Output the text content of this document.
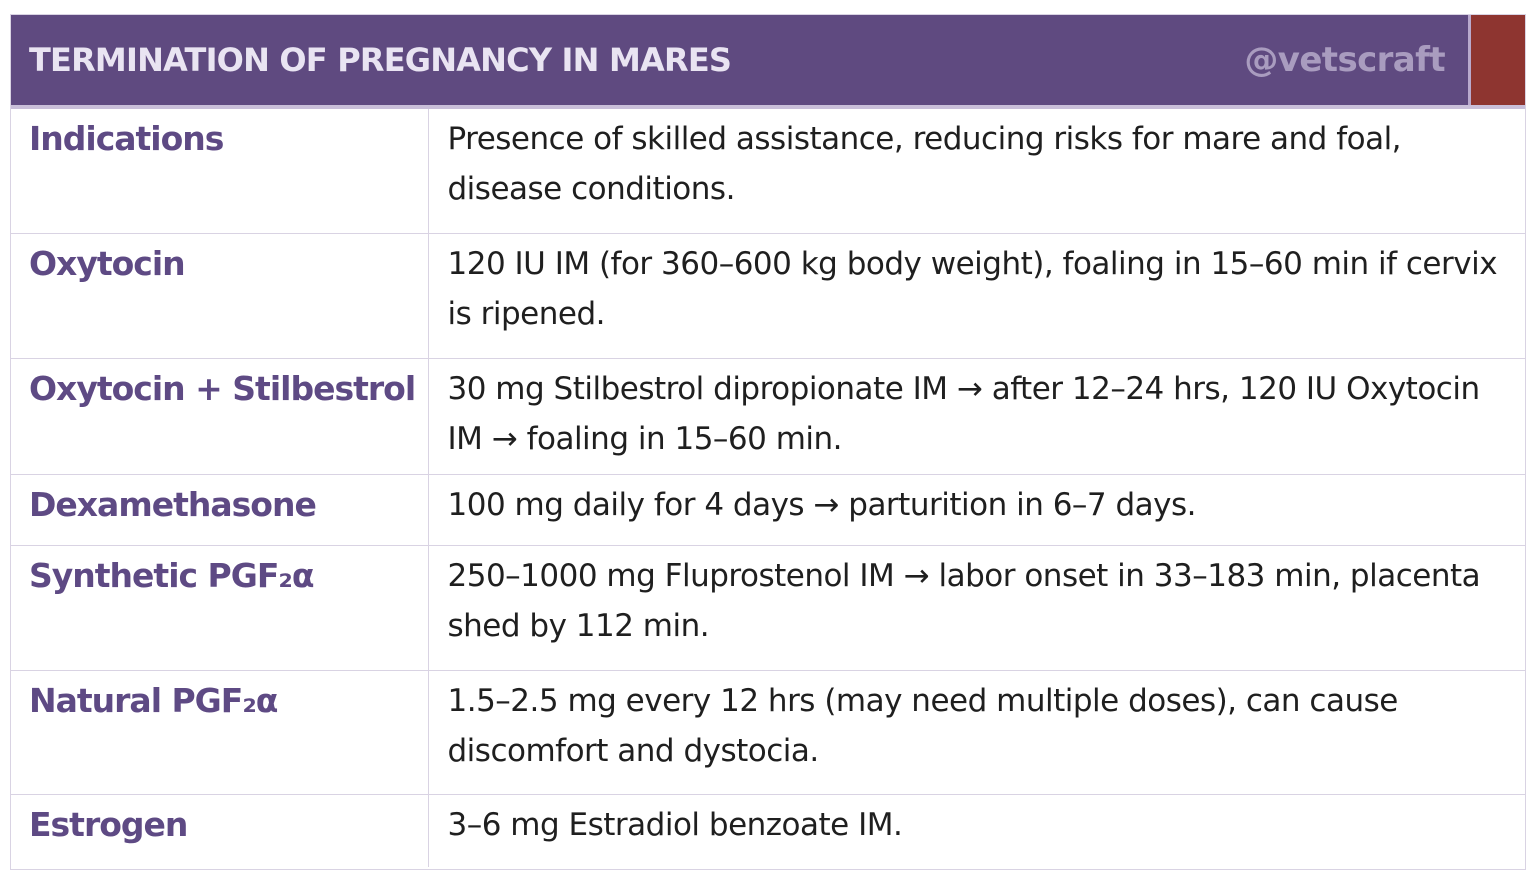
TERMINATION OF PREGNANCY IN MARES	@vetscraft
Indications	Presence of skilled assistance, reducing risks for mare and foal, disease conditions.
Oxytocin	120 IU IM (for 360–600 kg body weight), foaling in 15–60 min if cervix is ripened.
Oxytocin + Stilbestrol	30 mg Stilbestrol dipropionate IM → after 12–24 hrs, 120 IU Oxytocin IM → foaling in 15–60 min.
Dexamethasone	100 mg daily for 4 days → parturition in 6–7 days.
Synthetic PGF₂α	250–1000 mg Fluprostenol IM → labor onset in 33–183 min, placenta shed by 112 min.
Natural PGF₂α	1.5–2.5 mg every 12 hrs (may need multiple doses), can cause discomfort and dystocia.
Estrogen	3–6 mg Estradiol benzoate IM.
